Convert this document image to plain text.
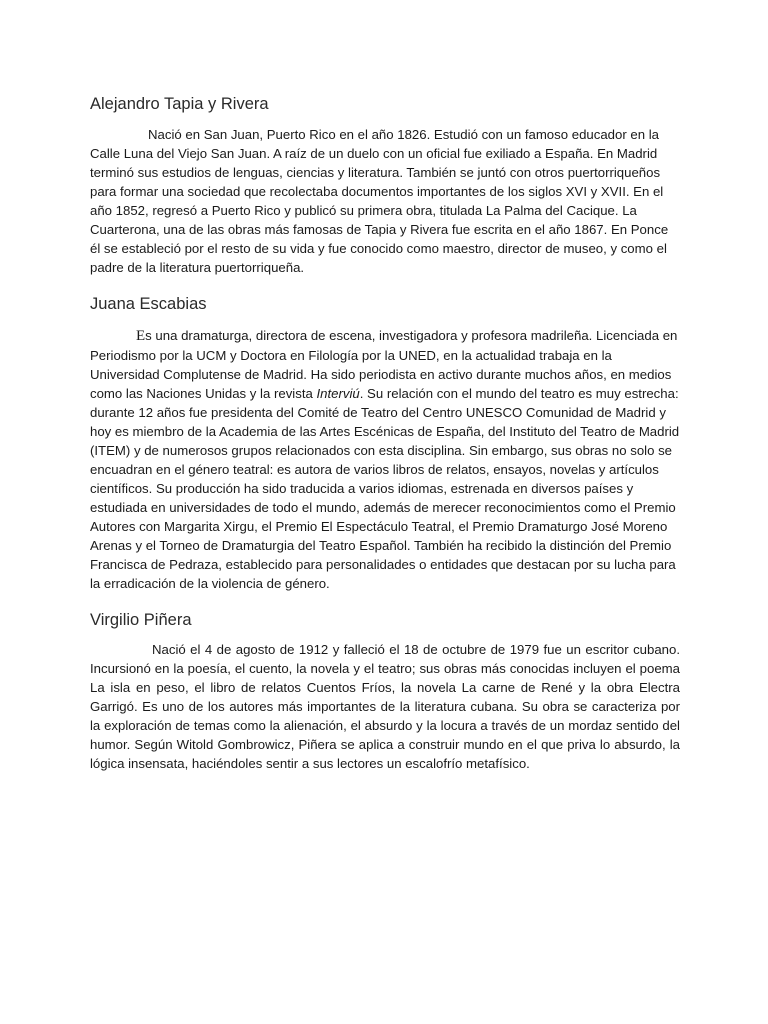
Alejandro Tapia y Rivera

Nació en San Juan, Puerto Rico en el año 1826. Estudió con un famoso educador en la Calle Luna del Viejo San Juan. A raíz de un duelo con un oficial fue exiliado a España. En Madrid terminó sus estudios de lenguas, ciencias y literatura. También se juntó con otros puertorriqueños para formar una sociedad que recolectaba documentos importantes de los siglos XVI y XVII. En el año 1852, regresó a Puerto Rico y publicó su primera obra, titulada La Palma del Cacique. La Cuarterona, una de las obras más famosas de Tapia y Rivera fue escrita en el año 1867. En Ponce él se estableció por el resto de su vida y fue conocido como maestro, director de museo, y como el padre de la literatura puertorriqueña.

Juana Escabias

Es una dramaturga, directora de escena, investigadora y profesora madrileña. Licenciada en Periodismo por la UCM y Doctora en Filología por la UNED, en la actualidad trabaja en la Universidad Complutense de Madrid. Ha sido periodista en activo durante muchos años, en medios como las Naciones Unidas y la revista Interviú. Su relación con el mundo del teatro es muy estrecha: durante 12 años fue presidenta del Comité de Teatro del Centro UNESCO Comunidad de Madrid y hoy es miembro de la Academia de las Artes Escénicas de España, del Instituto del Teatro de Madrid (ITEM) y de numerosos grupos relacionados con esta disciplina. Sin embargo, sus obras no solo se encuadran en el género teatral: es autora de varios libros de relatos, ensayos, novelas y artículos científicos. Su producción ha sido traducida a varios idiomas, estrenada en diversos países y estudiada en universidades de todo el mundo, además de merecer reconocimientos como el Premio Autores con Margarita Xirgu, el Premio El Espectáculo Teatral, el Premio Dramaturgo José Moreno Arenas y el Torneo de Dramaturgia del Teatro Español. También ha recibido la distinción del Premio Francisca de Pedraza, establecido para personalidades o entidades que destacan por su lucha para la erradicación de la violencia de género.

Virgilio Piñera

Nació el 4 de agosto de 1912 y falleció el 18 de octubre de 1979 fue un escritor cubano. Incursionó en la poesía, el cuento, la novela y el teatro; sus obras más conocidas incluyen el poema La isla en peso, el libro de relatos Cuentos Fríos, la novela La carne de René y la obra Electra Garrigó. Es uno de los autores más importantes de la literatura cubana. Su obra se caracteriza por la exploración de temas como la alienación, el absurdo y la locura a través de un mordaz sentido del humor. Según Witold Gombrowicz, Piñera se aplica a construir mundo en el que priva lo absurdo, la lógica insensata, haciéndoles sentir a sus lectores un escalofrío metafísico.
